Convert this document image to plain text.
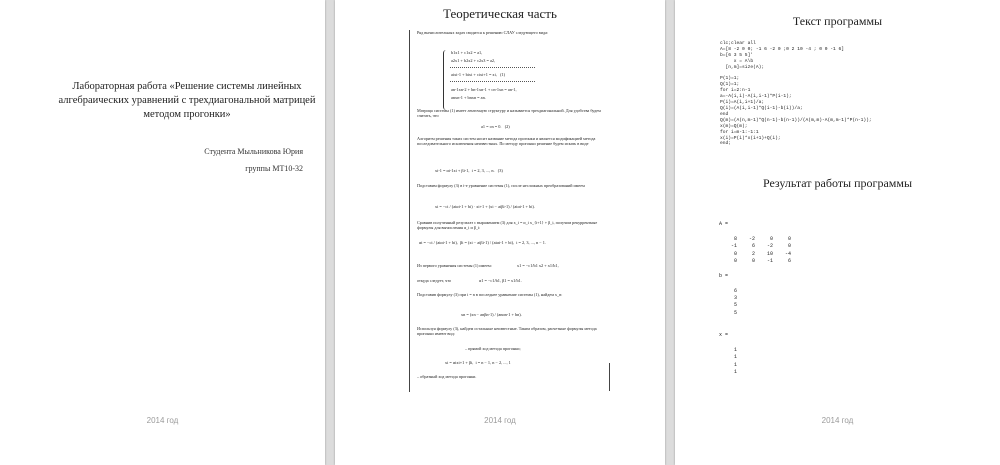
Лабораторная работа «Решение системы линейных
алгебраических уравнений с трехдиагональной матрицей
методом прогонки»
Студента Мыльникова Юрия
группы МТ10-32
2014 год
Теоретическая часть

Ряд вычислительных задач сводится к решению СЛАУ следующего вида:

b1x1 + c1x2 = a1,
a2x1 + b2x2 + c2x3 = a2,
aixi-1 + bixi + cixi+1 = xi,   (1)
an-1xn-2 + bn-1xn-1 + cn-1xn = an-1,
anxn-1 + bnxn = an.

Матрица системы (1) имеет ленточную структуру и называется трехдиагональной. Для удобства будем считать, что

a1 = cn = 0.   (2)

Алгоритм решения таких систем носит название метода прогонки и является модификацией метода последовательного исключения неизвестных. По методу прогонки решение будем искать в виде

xi-1 = αi-1xi + βi-1,  i = 2, 3, ..., n.   (3)

Подставим формулу (3) в i-е уравнение системы (1), после несложных преобразований имеем

xi = −ci / (aiαi-1 + bi) · xi+1 + (xi − aiβi-1) / (aiαi-1 + bi).

Сравнив полученный результат с выражением (3) для x_i = α_i x_{i+1} + β_i, получим рекуррентные формулы для вычисления α_i и β_i:

αi = −ci / (aiαi-1 + bi),  βi = (xi − aiβi-1) / (aiαi-1 + bi),  i = 2, 3, ..., n − 1.

Из первого уравнения системы (1) имеем:	x1 = −c1/b1 x2 + x1/b1,

откуда следует, что	α1 = −c1/b1, β1 = x1/b1.

Подставив формулу (3) при i = n в последнее уравнение системы (1), найдем x_n:

xn = (xn − anβn-1) / (anαn-1 + bn).

Используя формулу (3), найдем остальные неизвестные. Таким образом, расчетные формулы метода прогонки имеют вид:

– прямой ход метода прогонки;

xi = αixi+1 + βi,  i = n − 1, n − 2, ..., 1

– обратный ход метода прогонки.

2014 год
Текст программы
clc;clear all
A=[8 -2 0 0; -1 6 -2 0 ;0 2 10 -4 ; 0 0 -1 6]
b=[6 3 5 5]'
x = A\b
[n,m]=size(A);

P(1)=1;
Q(1)=1;
for i=2:n-1
a=-A(i,i)-A(i,i-1)*P(i-1);
P(i)=A(i,i+1)/a;
Q(i)=(A(i,i-1)*Q(i-1)-b(i))/a;
end
Q(m)=(A(n,m-1)*Q(n-1)-b(n-1))/(A(m,m)-A(m,m-1)*P(n-1));
x(m)=Q(m);
for i=m-1:-1:1
x(i)=P(i)*x(i+1)+Q(i);
end;
Результат работы программы
A =

8    -2     0     0
-1     6    -2     0
0     2    10    -4
0     0    -1     6

b =

6
3
5
5

x =

1
1
1
1
2014 год
